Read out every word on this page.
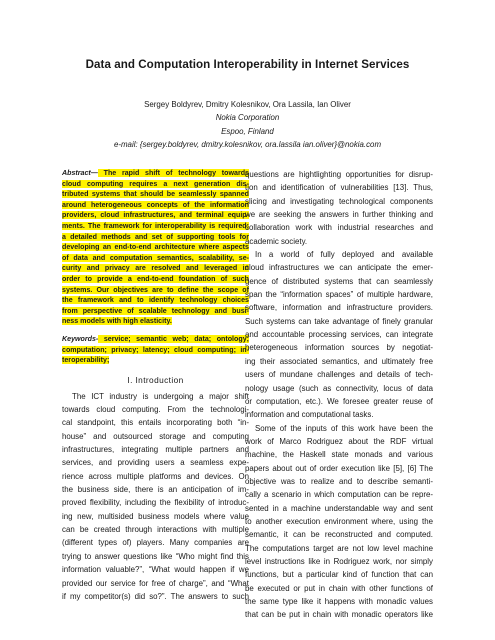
Data and Computation Interoperability in Internet Services
Sergey Boldyrev, Dmitry Kolesnikov, Ora Lassila, Ian Oliver
Nokia Corporation
Espoo, Finland
e-mail: {sergey.boldyrev, dmitry.kolesnikov, ora.lassila ian.oliver}@nokia.com
Abstract— The rapid shift of technology towards
cloud computing requires a next generation dis-
tributed systems that should be seamlessly spanned
around heterogeneous concepts of the information
providers, cloud infrastructures, and terminal equip-
ments. The framework for interoperability is required;
a detailed methods and set of supporting tools for
developing an end-to-end architecture where aspects
of data and computation semantics, scalability, se-
curity and privacy are resolved and leveraged in
order to provide a end-to-end foundation of such
systems. Our objectives are to define the scope of
the framework and to identify technology choices
from perspective of scalable technology and busi-
ness models with high elasticity.
Keywords- service; semantic web; data; ontology;
computation; privacy; latency; cloud computing; in-
teroperability;
I. Introduction
The ICT industry is undergoing a major shift
towards cloud computing. From the technologi-
cal standpoint, this entails incorporating both “in-
house” and outsourced storage and computing
infrastructures, integrating multiple partners and
services, and providing users a seamless expe-
rience across multiple platforms and devices. On
the business side, there is an anticipation of im-
proved flexibility, including the flexibility of introduc-
ing new, multisided business models where value
can be created through interactions with multiple
(different types of) players. Many companies are
trying to answer questions like “Who might find this
information valuable?”, “What would happen if we
provided our service for free of charge”, and “What
if my competitor(s) did so?”. The answers to such
questions are hightlighting opportunities for disrup-
tion and identification of vulnerabilities [13]. Thus,
slicing and investigating technological components
we are seeking the answers in further thinking and
collaboration work with industrial researches and
academic society.
In a world of fully deployed and available
cloud infrastructures we can anticipate the emer-
gence of distributed systems that can seamlessly
span the “information spaces” of multiple hardware,
software, information and infrastructure providers.
Such systems can take advantage of finely granular
and accountable processing services, can integrate
heterogeneous information sources by negotiat-
ing their associated semantics, and ultimately free
users of mundane challenges and details of tech-
nology usage (such as connectivity, locus of data
or computation, etc.). We foresee greater reuse of
information and computational tasks.
Some of the inputs of this work have been the
work of Marco Rodriguez about the RDF virtual
machine, the Haskell state monads and various
papers about out of order execution like [5], [6] The
objective was to realize and to describe semanti-
cally a scenario in which computation can be repre-
sented in a machine understandable way and sent
to another execution environment where, using the
semantic, it can be reconstructed and computed.
The computations target are not low level machine
level instructions like in Rodriguez work, nor simply
functions, but a particular kind of function that can
be executed or put in chain with other functions of
the same type like it happens with monadic values
that can be put in chain with monadic operators like
